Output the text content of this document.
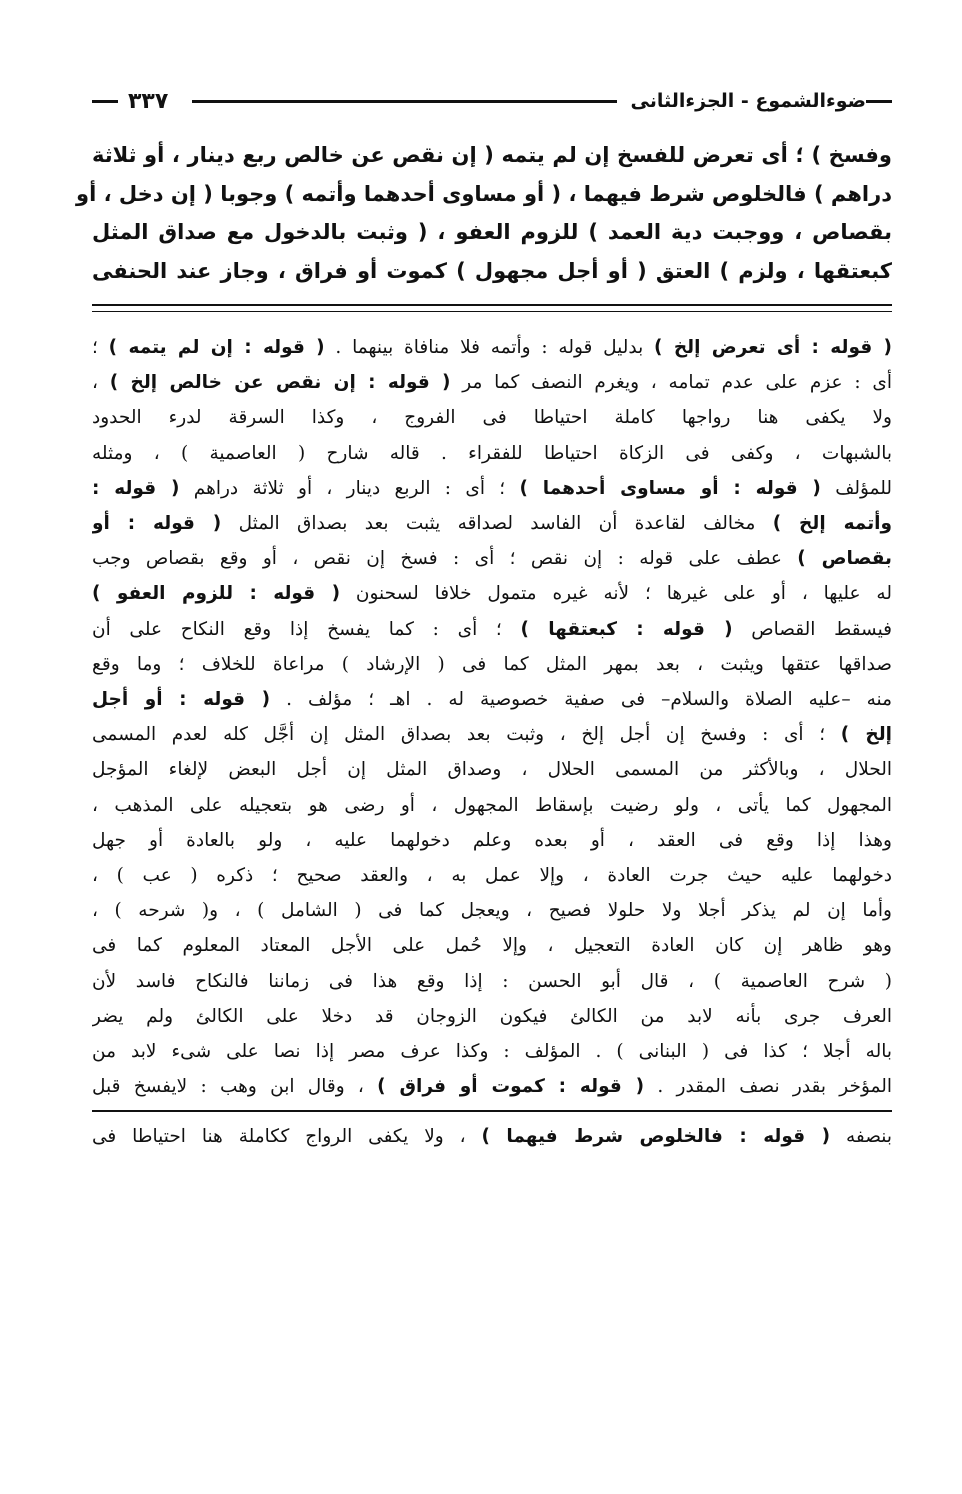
ضوءالشموع - الجزءالثانى
٣٣٧
وفسخ ) ؛ أى تعرض للفسخ إن لم يتمه ( إن نقص عن خالص ربع دينار ، أو ثلاثة
دراهم ) فالخلوص شرط فيهما ، ( أو مساوى أحدهما وأتمه ) وجوبا ( إن دخل ، أو
بقصاص ، ووجبت دية العمد ) للزوم العفو ، ( وثبت بالدخول مع صداق المثل
كبعتقها ، ولزم ) العتق ( أو أجل مجهول ) كموت أو فراق ، وجاز عند الحنفى
( قوله : أى تعرض إلخ ) بدليل قوله : وأتمه فلا منافاة بينهما . ( قوله : إن لم يتمه ) ؛
أى : عزم على عدم تمامه ، ويغرم النصف كما مر ( قوله : إن نقص عن خالص إلخ ) ،
ولا يكفى هنا رواجها كاملة احتياطا فى الفروج ، وكذا السرقة لدرء الحدود
بالشبهات ، وكفى فى الزكاة احتياطا للفقراء . قاله شارح ( العاصمية ) ، ومثله
للمؤلف ( قوله : أو مساوى أحدهما ) ؛ أى : الربع دينار ، أو ثلاثة دراهم ( قوله :
وأتمه إلخ ) مخالف لقاعدة أن الفاسد لصداقه يثبت بعد بصداق المثل ( قوله : أو
بقصاص ) عطف على قوله : إن نقص ؛ أى : فسخ إن نقص ، أو وقع بقصاص وجب
له عليها ، أو على غيرها ؛ لأنه غيره متمول خلافا لسحنون ( قوله : للزوم العفو )
فيسقط القصاص ( قوله : كبعتقها ) ؛ أى : كما يفسخ إذا وقع النكاح على أن
صداقها عتقها ويثبت ، بعد بمهر المثل كما فى ( الإرشاد ) مراعاة للخلاف ؛ وما وقع
منه –عليه الصلاة والسلام– فى صفية خصوصية له . اهـ ؛ مؤلف . ( قوله : أو أجل
إلخ ) ؛ أى : وفسخ إن أجل إلخ ، وثبت بعد بصداق المثل إن أجَّل كله لعدم المسمى
الحلال ، وبالأكثر من المسمى الحلال ، وصداق المثل إن أجل البعض لإلغاء المؤجل
المجهول كما يأتى ، ولو رضيت بإسقاط المجهول ، أو رضى هو بتعجيله على المذهب ،
وهذا إذا وقع فى العقد ، أو بعده وعلم دخولهما عليه ، ولو بالعادة أو جهل
دخولهما عليه حيث جرت العادة ، وإلا عمل به ، والعقد صحيح ؛ ذكره ( عب ) ،
وأما إن لم يذكر أجلا ولا حلولا فصيح ، ويعجل كما فى ( الشامل ) ، و( شرحه ) ،
وهو ظاهر إن كان العادة التعجيل ، وإلا حُمل على الأجل المعتاد المعلوم كما فى
( شرح العاصمية ) ، قال أبو الحسن : إذا وقع هذا فى زماننا فالنكاح فاسد لأن
العرف جرى بأنه لابد من الكالئ فيكون الزوجان قد دخلا على الكالئ ولم يضر
باله أجلا ؛ كذا فى ( البنانى ) . المؤلف : وكذا عرف مصر إذا نصا على شىء لابد من
المؤخر بقدر نصف المقدر . ( قوله : كموت أو فراق ) ، وقال ابن وهب : لايفسخ قبل
بنصفه ( قوله : فالخلوص شرط فيهما ) ، ولا يكفى الرواج ككاملة هنا احتياطا فى
